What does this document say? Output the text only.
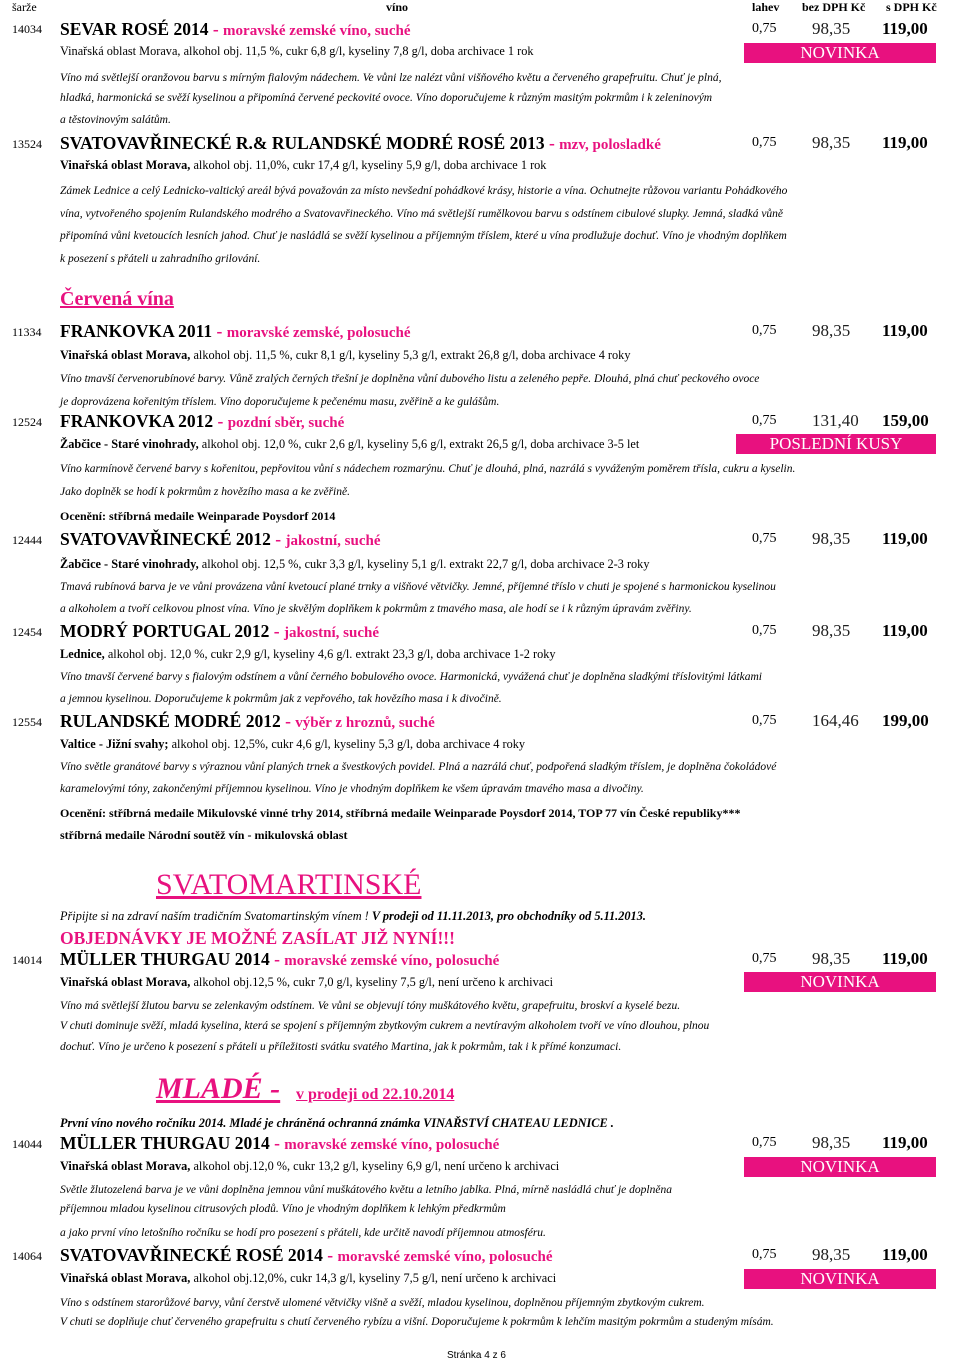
šarže	víno	lahev bez DPH Kč s DPH Kč
14034 SEVAR ROSÉ 2014 - moravské zemské víno, suché	0,75 98,35 119,00
Vinařská oblast Morava, alkohol obj. 11,5 %, cukr 6,8 g/l, kyseliny 7,8 g/l, doba archivace 1 rok	NOVINKA
Víno má světlejší oranžovou barvu s mírným fialovým nádechem. Ve vůni lze nalézt vůni višňového květu a červeného grapefruitu. Chuť je plná,
hladká, harmonická se svěží kyselinou a připomíná červené peckovité ovoce. Víno doporučujeme k různým masitým pokrmům i k zeleninovým
a těstovinovým salátům.
13524 SVATOVAVŘINECKÉ R.& RULANDSKÉ MODRÉ ROSÉ 2013 - mzv, polosladké	0,75 98,35 119,00
Vinařská oblast Morava, alkohol obj. 11,0%, cukr 17,4 g/l, kyseliny 5,9 g/l, doba archivace 1 rok
Zámek Lednice a celý Lednicko-valtický areál bývá považován za místo nevšední pohádkové krásy, historie a vína. Ochutnejte růžovou variantu Pohádkového
vína, vytvořeného spojením Rulandského modrého a Svatovavřineckého. Víno má světlejší rumělkovou barvu s odstínem cibulové slupky. Jemná, sladká vůně
připomíná vůni kvetoucích lesních jahod. Chuť je nasládlá se svěží kyselinou a příjemným tříslem, které u vína prodlužuje dochuť. Víno je vhodným doplňkem
k posezení s přáteli u zahradního grilování.
Červená vína
11334 FRANKOVKA 2011 - moravské zemské, polosuché	0,75 98,35 119,00
Vinařská oblast Morava, alkohol obj. 11,5 %, cukr 8,1 g/l, kyseliny 5,3 g/l, extrakt 26,8 g/l, doba archivace 4 roky
Víno tmavší červenorubínové barvy. Vůně zralých černých třešní je doplněna vůní dubového listu a zeleného pepře. Dlouhá, plná chuť peckového ovoce
je doprovázena kořenitým tříslem. Víno doporučujeme k pečenému masu, zvěřině a ke gulášům.
12524 FRANKOVKA 2012 - pozdní sběr, suché	0,75 131,40 159,00
Žabčice - Staré vinohrady, alkohol obj. 12,0 %, cukr 2,6 g/l, kyseliny 5,6 g/l, extrakt 26,5 g/l, doba archivace 3-5 let	POSLEDNÍ KUSY
Víno karmínově červené barvy s kořenitou, pepřovitou vůní s nádechem rozmarýnu. Chuť je dlouhá, plná, nazrálá s vyváženým poměrem třísla, cukru a kyselin.
Jako doplněk se hodí k pokrmům z hovězího masa a ke zvěřině.
Ocenění: stříbrná medaile Weinparade Poysdorf 2014
12444 SVATOVAVŘINECKÉ 2012 - jakostní, suché	0,75 98,35 119,00
Žabčice - Staré vinohrady, alkohol obj. 12,5 %, cukr 3,3 g/l, kyseliny 5,1 g/l. extrakt 22,7 g/l, doba archivace 2-3 roky
Tmavá rubínová barva je ve vůni provázena vůní kvetoucí plané trnky a višňové větvičky. Jemné, příjemné tříslo v chuti je spojené s harmonickou kyselinou
a alkoholem a tvoří celkovou plnost vína. Víno je skvělým doplňkem k pokrmům z tmavého masa, ale hodí se i k různým úpravám zvěřiny.
12454 MODRÝ PORTUGAL 2012 - jakostní, suché	0,75 98,35 119,00
Lednice, alkohol obj. 12,0 %, cukr 2,9 g/l, kyseliny 4,6 g/l. extrakt 23,3 g/l, doba archivace 1-2 roky
Víno tmavší červené barvy s fialovým odstínem a vůní černého bobulového ovoce. Harmonická, vyvážená chuť je doplněna sladkými tříslovitými látkami
a jemnou kyselinou. Doporučujeme k pokrmům jak z vepřového, tak hovězího masa i k divočině.
12554 RULANDSKÉ MODRÉ 2012 - výběr z hroznů, suché	0,75 164,46 199,00
Valtice - Jižní svahy; alkohol obj. 12,5%, cukr 4,6 g/l, kyseliny 5,3 g/l, doba archivace 4 roky
Víno světle granátové barvy s výraznou vůní planých trnek a švestkových povidel. Plná a nazrálá chuť, podpořená sladkým tříslem, je doplněna čokoládové
karamelovými tóny, zakončenými příjemnou kyselinou. Víno je vhodným doplňkem ke všem úpravám tmavého masa a divočiny.
Ocenění: stříbrná medaile Mikulovské vinné trhy 2014, stříbrná medaile Weinparade Poysdorf 2014, TOP 77 vín České republiky***
stříbrná medaile Národní soutěž vín - mikulovská oblast
SVATOMARTINSKÉ
Připijte si na zdraví naším tradičním Svatomartinským vínem ! V prodeji od 11.11.2013, pro obchodníky od 5.11.2013.
OBJEDNÁVKY JE MOŽNÉ ZASÍLAT JIŽ NYNÍ!!!
14014 MÜLLER THURGAU 2014 - moravské zemské víno, polosuché	0,75 98,35 119,00
Vinařská oblast Morava, alkohol obj.12,5 %, cukr 7,0 g/l, kyseliny 7,5 g/l, není určeno k archivaci	NOVINKA
Víno má světlejší žlutou barvu se zelenkavým odstínem. Ve vůni se objevují tóny muškátového květu, grapefruitu, broskví a kyselé bezu.
V chuti dominuje svěží, mladá kyselina, která se spojení s příjemným zbytkovým cukrem a nevtíravým alkoholem tvoří ve víno dlouhou, plnou
dochuť. Víno je určeno k posezení s přáteli u příležitosti svátku svatého Martina, jak k pokrmům, tak i k přímé konzumaci.
MLADÉ - v prodeji od 22.10.2014
První víno nového ročníku 2014. Mladé je chráněná ochranná známka VINAŘSTVÍ CHATEAU LEDNICE .
14044 MÜLLER THURGAU 2014 - moravské zemské víno, polosuché	0,75 98,35 119,00
Vinařská oblast Morava, alkohol obj.12,0 %, cukr 13,2 g/l, kyseliny 6,9 g/l, není určeno k archivaci	NOVINKA
Světle žlutozelená barva je ve vůni doplněna jemnou vůní muškátového květu a letního jablka. Plná, mírně nasládlá chuť je doplněna
příjemnou mladou kyselinou citrusových plodů. Víno je vhodným doplňkem k lehkým předkrmům
a jako první víno letošního ročníku se hodí pro posezení s přáteli, kde určitě navodí příjemnou atmosféru.
14064 SVATOVAVŘINECKÉ ROSÉ 2014 - moravské zemské víno, polosuché	0,75 98,35 119,00
Vinařská oblast Morava, alkohol obj.12,0%, cukr 14,3 g/l, kyseliny 7,5 g/l, není určeno k archivaci	NOVINKA
Víno s odstínem starorůžové barvy, vůní čerstvě ulomené větvičky višně a svěží, mladou kyselinou, doplněnou příjemným zbytkovým cukrem.
V chuti se doplňuje chuť červeného grapefruitu s chutí červeného rybízu a višní. Doporučujeme k pokrmům k lehčím masitým pokrmům a studeným mísám.
Stránka 4 z 6
